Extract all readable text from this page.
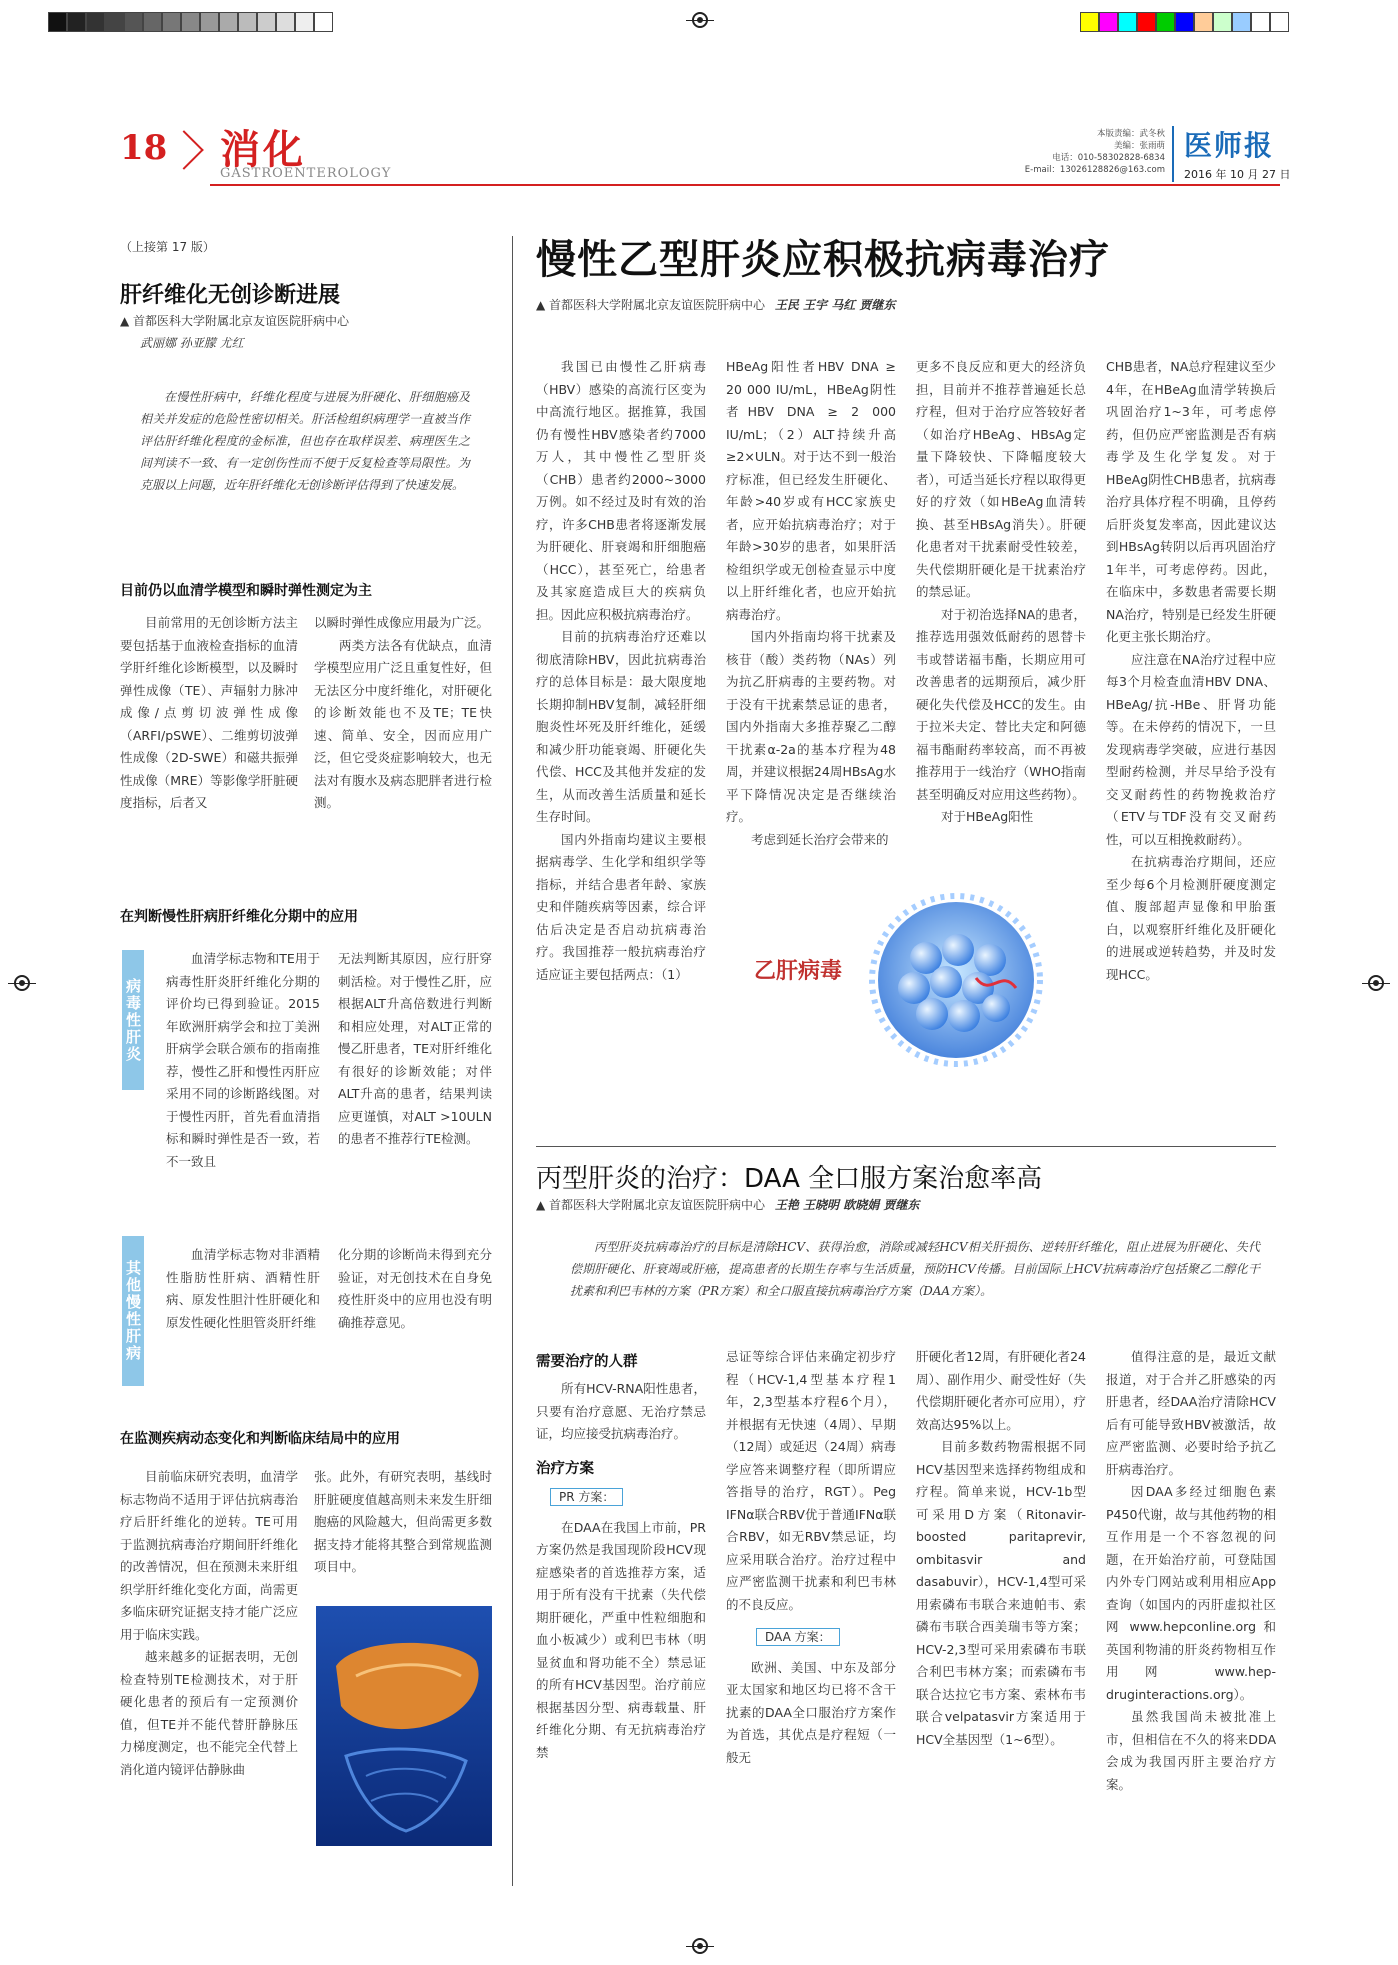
18 消化
GASTROENTEROLOGY
本版责编：武冬秋
美编：张雨萌
电话：010-58302828-6834
E-mail：13026128826@163.com
医师报
2016 年 10 月 27 日
（上接第 17 版）
肝纤维化无创诊断进展
▲ 首都医科大学附属北京友谊医院肝病中心
武丽娜 孙亚朦 尤红
在慢性肝病中，纤维化程度与进展为肝硬化、肝细胞癌及相关并发症的危险性密切相关。肝活检组织病理学一直被当作评估肝纤维化程度的金标准，但也存在取样误差、病理医生之间判读不一致、有一定创伤性而不便于反复检查等局限性。为克服以上问题，近年肝纤维化无创诊断评估得到了快速发展。
目前仍以血清学模型和瞬时弹性测定为主

目前常用的无创诊断方法主要包括基于血液检查指标的血清学肝纤维化诊断模型，以及瞬时弹性成像（TE）、声辐射力脉冲成像/点剪切波弹性成像（ARFI/pSWE）、二维剪切波弹性成像（2D-SWE）和磁共振弹性成像（MRE）等影像学肝脏硬度指标，后者又

以瞬时弹性成像应用最为广泛。

两类方法各有优缺点，血清学模型应用广泛且重复性好，但无法区分中度纤维化，对肝硬化的诊断效能也不及TE；TE快速、简单、安全，因而应用广泛，但它受炎症影响较大，也无法对有腹水及病态肥胖者进行检测。

在判断慢性肝病肝纤维化分期中的应用
病毒性肝炎

血清学标志物和TE用于病毒性肝炎肝纤维化分期的评价均已得到验证。2015年欧洲肝病学会和拉丁美洲肝病学会联合颁布的指南推荐，慢性乙肝和慢性丙肝应采用不同的诊断路线图。对于慢性丙肝，首先看血清指标和瞬时弹性是否一致，若不一致且

无法判断其原因，应行肝穿刺活检。对于慢性乙肝，应根据ALT升高倍数进行判断和相应处理，对ALT正常的慢乙肝患者，TE对肝纤维化有很好的诊断效能；对伴ALT升高的患者，结果判读应更谨慎，对ALT >10ULN的患者不推荐行TE检测。

其他慢性肝病

血清学标志物对非酒精性脂肪性肝病、酒精性肝病、原发性胆汁性肝硬化和原发性硬化性胆管炎肝纤维

化分期的诊断尚未得到充分验证，对无创技术在自身免疫性肝炎中的应用也没有明确推荐意见。

在监测疾病动态变化和判断临床结局中的应用

目前临床研究表明，血清学标志物尚不适用于评估抗病毒治疗后肝纤维化的逆转。TE可用于监测抗病毒治疗期间肝纤维化的改善情况，但在预测未来肝组织学肝纤维化变化方面，尚需更多临床研究证据支持才能广泛应用于临床实践。

越来越多的证据表明，无创检查特别TE检测技术，对于肝硬化患者的预后有一定预测价值，但TE并不能代替肝静脉压力梯度测定，也不能完全代替上消化道内镜评估静脉曲

张。此外，有研究表明，基线时肝脏硬度值越高则未来发生肝细胞癌的风险越大，但尚需更多数据支持才能将其整合到常规监测项目中。

慢性乙型肝炎应积极抗病毒治疗
▲ 首都医科大学附属北京友谊医院肝病中心 王民 王宇 马红 贾继东

我国已由慢性乙肝病毒（HBV）感染的高流行区变为中高流行地区。据推算，我国仍有慢性HBV感染者约7000万人，其中慢性乙型肝炎（CHB）患者约2000~3000万例。如不经过及时有效的治疗，许多CHB患者将逐渐发展为肝硬化、肝衰竭和肝细胞癌（HCC），甚至死亡，给患者及其家庭造成巨大的疾病负担。因此应积极抗病毒治疗。

目前的抗病毒治疗还难以彻底清除HBV，因此抗病毒治疗的总体目标是：最大限度地长期抑制HBV复制，减轻肝细胞炎性坏死及肝纤维化，延缓和减少肝功能衰竭、肝硬化失代偿、HCC及其他并发症的发生，从而改善生活质量和延长生存时间。

国内外指南均建议主要根据病毒学、生化学和组织学等指标，并结合患者年龄、家族史和伴随疾病等因素，综合评估后决定是否启动抗病毒治疗。我国推荐一般抗病毒治疗适应证主要包括两点：（1）

HBeAg阳性者HBV DNA ≥ 20 000 IU/mL，HBeAg阴性者HBV DNA ≥ 2 000 IU/mL；（2）ALT持续升高≥2×ULN。对于达不到一般治疗标准，但已经发生肝硬化、年龄>40岁或有HCC家族史者，应开始抗病毒治疗；对于年龄>30岁的患者，如果肝活检组织学或无创检查显示中度以上肝纤维化者，也应开始抗病毒治疗。

国内外指南均将干扰素及核苷（酸）类药物（NAs）列为抗乙肝病毒的主要药物。对于没有干扰素禁忌证的患者，国内外指南大多推荐聚乙二醇干扰素α-2a的基本疗程为48周，并建议根据24周HBsAg水平下降情况决定是否继续治疗。

考虑到延长治疗会带来的

更多不良反应和更大的经济负担，目前并不推荐普遍延长总疗程，但对于治疗应答较好者（如治疗HBeAg、HBsAg定量下降较快、下降幅度较大者），可适当延长疗程以取得更好的疗效（如HBeAg血清转换、甚至HBsAg消失）。肝硬化患者对干扰素耐受性较差，失代偿期肝硬化是干扰素治疗的禁忌证。

对于初治选择NA的患者，推荐选用强效低耐药的恩替卡韦或替诺福韦酯，长期应用可改善患者的远期预后，减少肝硬化失代偿及HCC的发生。由于拉米夫定、替比夫定和阿德福韦酯耐药率较高，而不再被推荐用于一线治疗（WHO指南甚至明确反对应用这些药物）。

对于HBeAg阳性

CHB患者，NA总疗程建议至少4年，在HBeAg血清学转换后巩固治疗1~3年，可考虑停药，但仍应严密监测是否有病毒学及生化学复发。对于HBeAg阴性CHB患者，抗病毒治疗具体疗程不明确，且停药后肝炎复发率高，因此建议达到HBsAg转阴以后再巩固治疗1年半，可考虑停药。因此，在临床中，多数患者需要长期NA治疗，特别是已经发生肝硬化更主张长期治疗。

应注意在NA治疗过程中应每3个月检查血清HBV DNA、HBeAg/抗-HBe、肝肾功能等。在未停药的情况下，一旦发现病毒学突破，应进行基因型耐药检测，并尽早给予没有交叉耐药性的药物挽救治疗（ETV与TDF没有交叉耐药性，可以互相挽救耐药）。

在抗病毒治疗期间，还应至少每6个月检测肝硬度测定值、腹部超声显像和甲胎蛋白，以观察肝纤维化及肝硬化的进展或逆转趋势，并及时发现HCC。

乙肝病毒
丙型肝炎的治疗：DAA 全口服方案治愈率高
▲ 首都医科大学附属北京友谊医院肝病中心 王艳 王晓明 欧晓娟 贾继东
丙型肝炎抗病毒治疗的目标是清除HCV、获得治愈，消除或减轻HCV相关肝损伤、逆转肝纤维化，阻止进展为肝硬化、失代偿期肝硬化、肝衰竭或肝癌，提高患者的长期生存率与生活质量，预防HCV传播。目前国际上HCV抗病毒治疗包括聚乙二醇化干扰素和利巴韦林的方案（PR方案）和全口服直接抗病毒治疗方案（DAA方案）。
需要治疗的人群

所有HCV-RNA阳性患者，只要有治疗意愿、无治疗禁忌证，均应接受抗病毒治疗。

治疗方案
PR 方案：

在DAA在我国上市前，PR方案仍然是我国现阶段HCV现症感染者的首选推荐方案，适用于所有没有干扰素（失代偿期肝硬化，严重中性粒细胞和血小板减少）或利巴韦林（明显贫血和肾功能不全）禁忌证的所有HCV基因型。治疗前应根据基因分型、病毒载量、肝纤维化分期、有无抗病毒治疗禁

忌证等综合评估来确定初步疗程（HCV-1,4型基本疗程1年，2,3型基本疗程6个月），并根据有无快速（4周）、早期（12周）或延迟（24周）病毒学应答来调整疗程（即所谓应答指导的治疗，RGT）。Peg IFNα联合RBV优于普通IFNα联合RBV，如无RBV禁忌证，均应采用联合治疗。治疗过程中应严密监测干扰素和利巴韦林的不良反应。

DAA 方案：

欧洲、美国、中东及部分亚太国家和地区均已将不含干扰素的DAA全口服治疗方案作为首选，其优点是疗程短（一般无

肝硬化者12周，有肝硬化者24周）、副作用少、耐受性好（失代偿期肝硬化者亦可应用），疗效高达95%以上。

目前多数药物需根据不同HCV基因型来选择药物组成和疗程。简单来说，HCV-1b型可采用D方案（Ritonavir-boosted paritaprevir, ombitasvir and dasabuvir），HCV-1,4型可采用索磷布韦联合来迪帕韦、索磷布韦联合西美瑞韦等方案；HCV-2,3型可采用索磷布韦联合利巴韦林方案；而索磷布韦联合达拉它韦方案、索林布韦联合velpatasvir方案适用于HCV全基因型（1~6型）。

值得注意的是，最近文献报道，对于合并乙肝感染的丙肝患者，经DAA治疗清除HCV后有可能导致HBV被激活，故应严密监测、必要时给予抗乙肝病毒治疗。

因DAA多经过细胞色素P450代谢，故与其他药物的相互作用是一个不容忽视的问题，在开始治疗前，可登陆国内外专门网站或利用相应App查询（如国内的丙肝虚拟社区网 www.hepconline.org 和英国利物浦的肝炎药物相互作用网 www.hep-druginteractions.org）。

虽然我国尚未被批准上市，但相信在不久的将来DDA会成为我国丙肝主要治疗方案。
